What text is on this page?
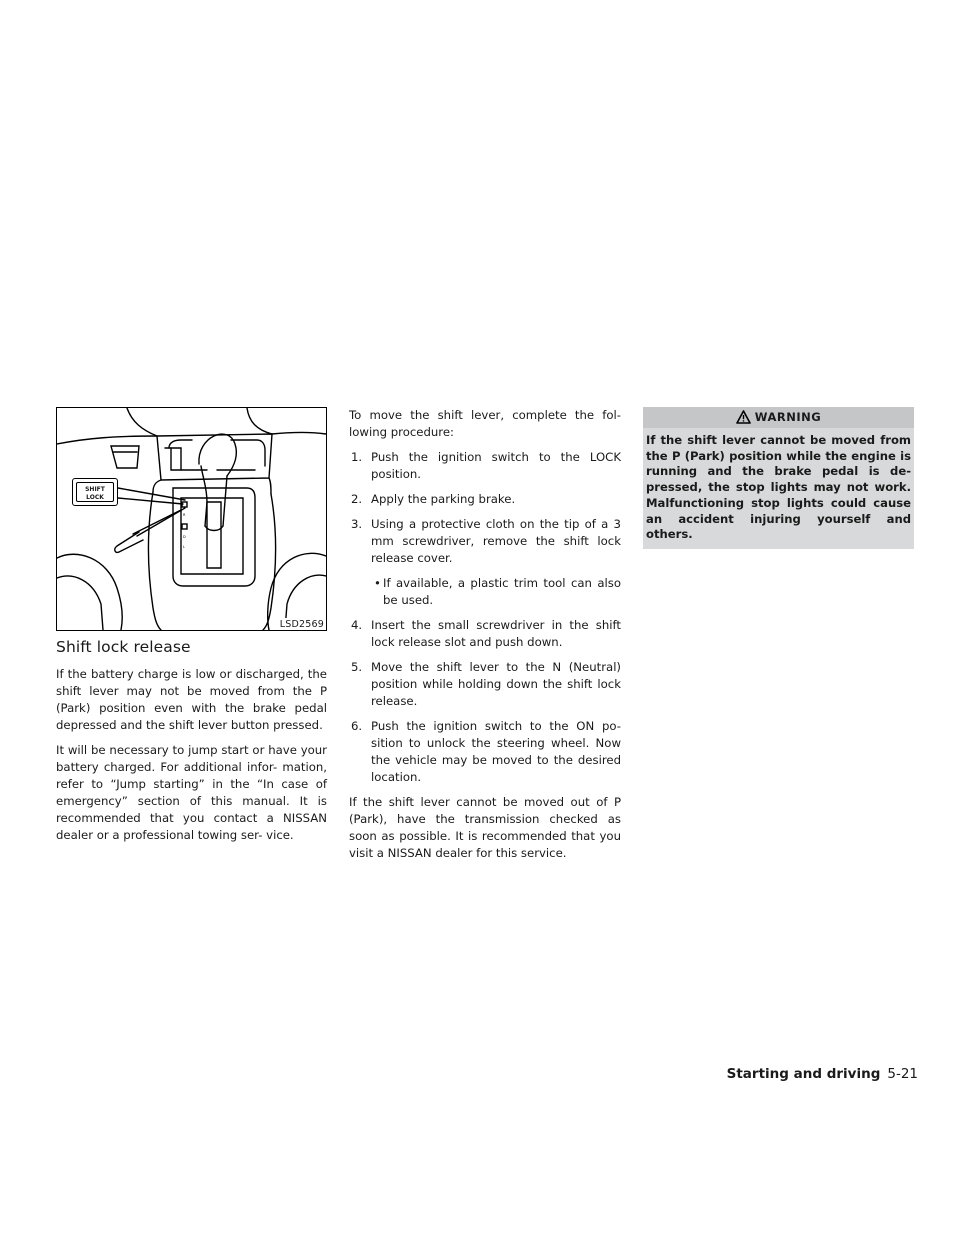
R
D
L
SHIFT
LOCK
LSD2569
Shift lock release

If the battery charge is low or discharged, the shift lever may not be moved from the P (Park) position even with the brake pedal depressed and the shift lever button pressed.

It will be necessary to jump start or have your battery charged. For additional infor- mation, refer to “Jump starting” in the “In case of emergency” section of this manual. It is recommended that you contact a NISSAN dealer or a professional towing ser- vice.

To move the shift lever, complete the fol- lowing procedure:

1. Push the ignition switch to the LOCK position.
2. Apply the parking brake.
3. Using a protective cloth on the tip of a 3 mm screwdriver, remove the shift lock release cover.
• If available, a plastic trim tool can also be used.
4. Insert the small screwdriver in the shift lock release slot and push down.
5. Move the shift lever to the N (Neutral) position while holding down the shift lock release.
6. Push the ignition switch to the ON po- sition to unlock the steering wheel. Now the vehicle may be moved to the desired location.

If the shift lever cannot be moved out of P (Park), have the transmission checked as soon as possible. It is recommended that you visit a NISSAN dealer for this service.

WARNING
If the shift lever cannot be moved from the P (Park) position while the engine is running and the brake pedal is de- pressed, the stop lights may not work. Malfunctioning stop lights could cause an accident injuring yourself and others.
Starting and driving 5-21
